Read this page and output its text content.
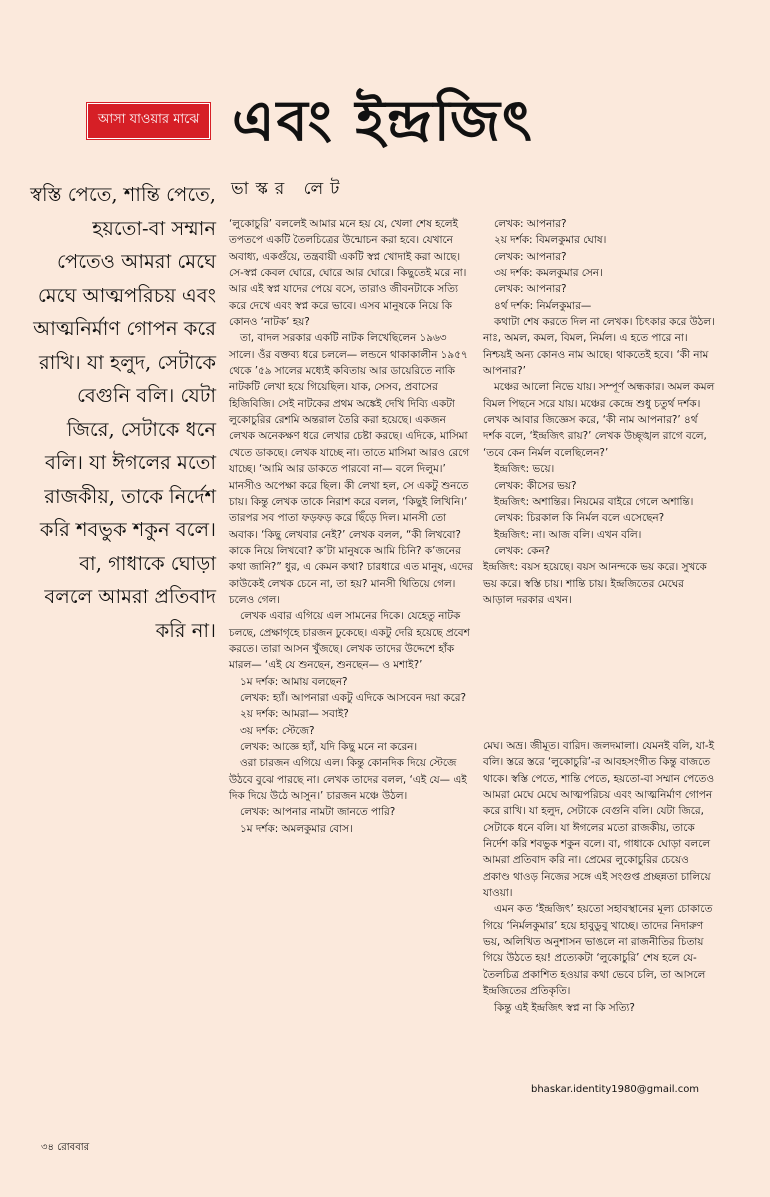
আসা যাওয়ার মাঝে এবং ইন্দ্রজিৎ
স্বস্তি পেতে, শান্তি পেতে, হয়তো-বা সম্মান পেতেও আমরা মেঘে মেঘে আত্মপরিচয় এবং আত্মনির্মাণ গোপন করে রাখি। যা হলুদ, সেটাকে বেগুনি বলি। যেটা জিরে, সেটাকে ধনে বলি। যা ঈগলের মতো রাজকীয়, তাকে নির্দেশ করি শবভুক শকুন বলে। বা, গাধাকে ঘোড়া বললে আমরা প্রতিবাদ করি না।
ভাস্কর লেট

‘লুকোচুরি’ বললেই আমার মনে হয় যে, খেলা শেষ হলেই তপতপে একটি তৈলচিত্রের উন্মোচন করা হবে। যেখানে অবাধ্য, একগুঁয়ে, তন্ত্রবায়ী একটি স্বপ্ন খোদাই করা আছে। সে-স্বপ্ন কেবল ঘোরে, ঘোরে আর ঘোরে। কিছুতেই মরে না। আর এই স্বপ্ন যাদের পেয়ে বসে, তারাও জীবনটাকে সত্যি করে দেখে এবং স্বপ্ন করে ভাবে। এসব মানুষকে নিয়ে কি কোনও ‘নাটক’ হয়?

তা, বাদল সরকার একটি নাটক লিখেছিলেন ১৯৬৩ সালে। ওঁর বক্তব্য ধরে চললে— লন্ডনে থাকাকালীন ১৯৫৭ থেকে ’৫৯ সালের মধ্যেই কবিতায় আর ডায়েরিতে নাকি নাটকটি লেখা হয়ে গিয়েছিল। যাক, সেসব, প্রবাসের হিজিবিজি। সেই নাটকের প্রথম অঙ্কেই দেখি দিব্যি একটা লুকোচুরির রেশমি অন্তরাল তৈরি করা হয়েছে। একজন লেখক অনেকক্ষণ ধরে লেখার চেষ্টা করছে। এদিকে, মাসিমা খেতে ডাকছে। লেখক যাচ্ছে না। তাতে মাসিমা আরও রেগে যাচ্ছে। ‘আমি আর ডাকতে পারবো না— বলে দিলুম।’ মানসীও অপেক্ষা করে ছিল। কী লেখা হল, সে একটু শুনতে চায়। কিন্তু লেখক তাকে নিরাশ করে বলল, ‘কিছুই লিখিনি।’ তারপর সব পাতা ফড়ফড় করে ছিঁড়ে দিল। মানসী তো অবাক। ‘কিছু লেখবার নেই?’ লেখক বলল, “কী লিখবো? কাকে নিয়ে লিখবো? ক’টা মানুষকে আমি চিনি? ক’জনের কথা জানি?” ধুর, এ কেমন কথা? চারধারে এত মানুষ, এদের কাউকেই লেখক চেনে না, তা হয়? মানসী থিতিয়ে গেল। চলেও গেল।

লেখক এবার এগিয়ে এল সামনের দিকে। যেহেতু নাটক চলছে, প্রেক্ষাগৃহে চারজন ঢুকেছে। একটু দেরি হয়েছে প্রবেশ করতে। তারা আসন খুঁজছে। লেখক তাদের উদ্দেশে হাঁক মারল— ‘এই যে শুনছেন, শুনছেন— ও মশাই?’

১ম দর্শক: আমায় বলছেন?

লেখক: হ্যাঁ। আপনারা একটু এদিকে আসবেন দয়া করে?

২য় দর্শক: আমরা— সবাই?

৩য় দর্শক: স্টেজে?

লেখক: আজ্ঞে হ্যাঁ, যদি কিছু মনে না করেন।

ওরা চারজন এগিয়ে এল। কিন্তু কোনদিক দিয়ে স্টেজে উঠবে বুঝে পারছে না। লেখক তাদের বলল, ‘এই যে— এই দিক দিয়ে উঠে আসুন।’ চারজন মঞ্চে উঠল।

লেখক: আপনার নামটা জানতে পারি?

১ম দর্শক: অমলকুমার বোস।

লেখক: আপনার?

২য় দর্শক: বিমলকুমার ঘোষ।

লেখক: আপনার?

৩য় দর্শক: কমলকুমার সেন।

লেখক: আপনার?

৪র্থ দর্শক: নির্মলকুমার—

কথাটা শেষ করতে দিল না লেখক। চিৎকার করে উঠল। নাঃ, অমল, কমল, বিমল, নির্মল। এ হতে পারে না। নিশ্চয়ই অন্য কোনও নাম আছে। থাকতেই হবে। ‘কী নাম আপনার?’

মঞ্চের আলো নিভে যায়। সম্পূর্ণ অন্ধকার। অমল কমল বিমল পিছনে সরে যায়। মঞ্চের কেন্দ্রে শুধু চতুর্থ দর্শক। লেখক আবার জিজ্ঞেস করে, ‘কী নাম আপনার?’ ৪র্থ দর্শক বলে, ‘ইন্দ্রজিৎ রায়?’ লেখক উচ্ছৃঙ্খল রাগে বলে, ‘তবে কেন নির্মল বলেছিলেন?’

ইন্দ্রজিৎ: ভয়ে।

লেখক: কীসের ভয়?

ইন্দ্রজিৎ: অশান্তির। নিয়মের বাইরে গেলে অশান্তি।

লেখক: চিরকাল কি নির্মল বলে এসেছেন?

ইন্দ্রজিৎ: না। আজ বলি। এখন বলি।

লেখক: কেন?

ইন্দ্রজিৎ: বয়স হয়েছে। বয়স আনন্দকে ভয় করে। সুখকে ভয় করে। স্বস্তি চায়। শান্তি চায়। ইন্দ্রজিতের মেঘের আড়াল দরকার এখন।

মেঘ। অভ্র। জীমূত। বারিদ। জলদমালা। যেমনই বলি, যা-ই বলি। স্তরে স্তরে ‘লুকোচুরি’-র আবহসংগীত কিন্তু বাজতে থাকে। স্বস্তি পেতে, শান্তি পেতে, হয়তো-বা সম্মান পেতেও আমরা মেঘে মেঘে আত্মপরিচয় এবং আত্মনির্মাণ গোপন করে রাখি। যা হলুদ, সেটাকে বেগুনি বলি। যেটা জিরে, সেটাকে ধনে বলি। যা ঈগলের মতো রাজকীয়, তাকে নির্দেশ করি শবভুক শকুন বলে। বা, গাধাকে ঘোড়া বললে আমরা প্রতিবাদ করি না। প্রেমের লুকোচুরির চেয়েও প্রকাণ্ড থাওড় নিজের সঙ্গে এই সংগুপ্ত প্রচ্ছন্নতা চালিয়ে যাওয়া।

এমন কত ‘ইন্দ্রজিৎ’ হয়তো সহাবস্থানের মূল্য চোকাতে গিয়ে ‘নির্মলকুমার’ হয়ে হাবুডুবু খাচ্ছে। তাদের নিদারুণ ভয়, অলিখিত অনুশাসন ভাঙলে না রাজনীতির চিতায় গিয়ে উঠতে হয়! প্রত্যেকটা ‘লুকোচুরি’ শেষ হলে যে-তৈলচিত্র প্রকাশিত হওয়ার কথা ভেবে চলি, তা আসলে ইন্দ্রজিতের প্রতিকৃতি।

কিন্তু এই ইন্দ্রজিৎ স্বপ্ন না কি সত্যি?

bhaskar.identity1980@gmail.com
৩৪ রোববার
